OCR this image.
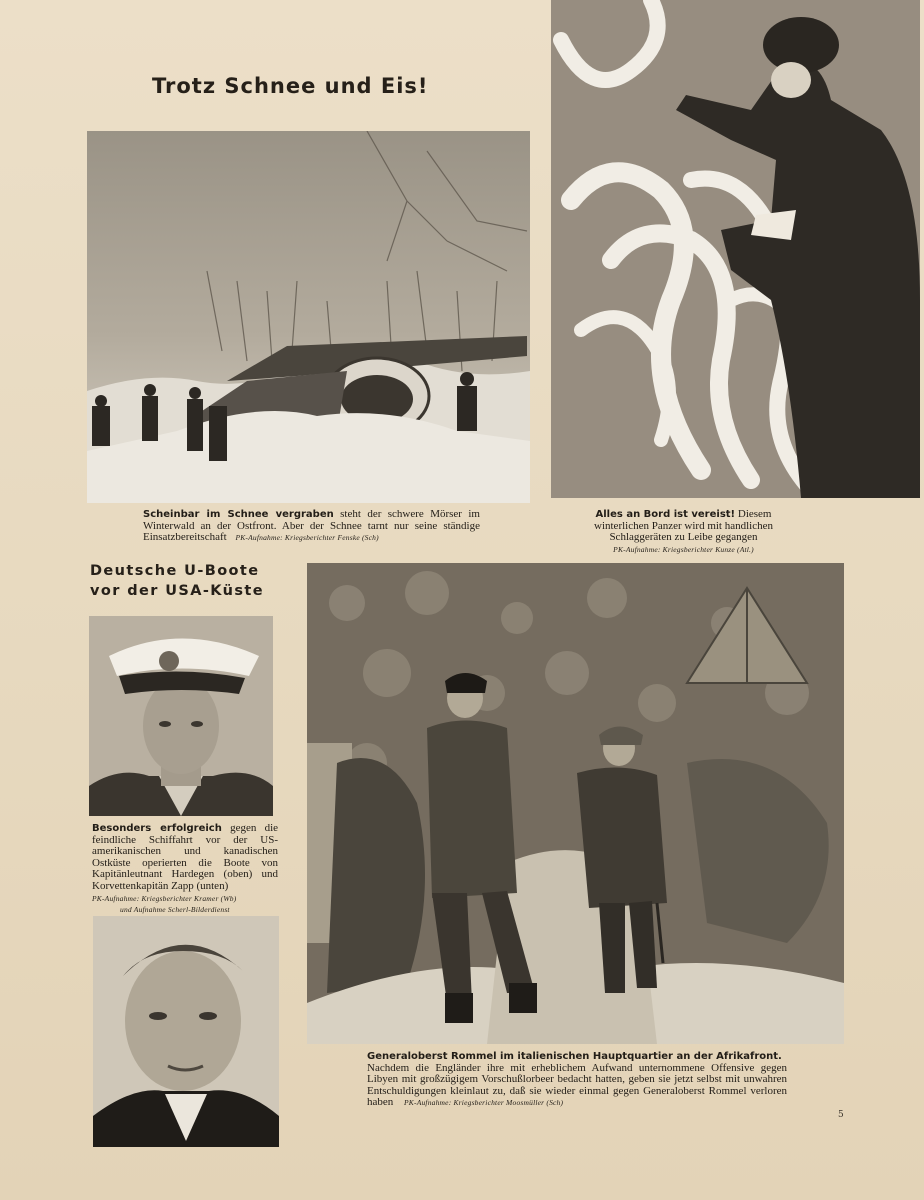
Trotz Schnee und Eis!

Scheinbar im Schnee vergraben steht der schwere Mörser im Winterwald an der Ostfront. Aber der Schnee tarnt nur seine ständige Einsatzbereitschaft PK-Aufnahme: Kriegsberichter Fenske (Sch)

Alles an Bord ist vereist! Diesem winterlichen Panzer wird mit handlichen Schlaggeräten zu Leibe gegangen
PK-Aufnahme: Kriegsberichter Kunze (Atl.)

Deutsche U-Boote
vor der USA-Küste

Besonders erfolgreich gegen die feindliche Schiffahrt vor der US-amerikanischen und kanadischen Ostküste operierten die Boote von Kapitänleutnant Hardegen (oben) und Korvettenkapitän Zapp (unten)
PK-Aufnahme: Kriegsberichter Kramer (Wb)
und Aufnahme Scherl-Bilderdienst

Generaloberst Rommel im italienischen Hauptquartier an der Afrikafront.
Nachdem die Engländer ihre mit erheblichem Aufwand unternommene Offensive gegen Libyen mit großzügigem Vorschußlorbeer bedacht hatten, geben sie jetzt selbst mit unwahren Entschuldigungen kleinlaut zu, daß sie wieder einmal gegen Generaloberst Rommel verloren haben PK-Aufnahme: Kriegsberichter Moosmüller (Sch)

5
